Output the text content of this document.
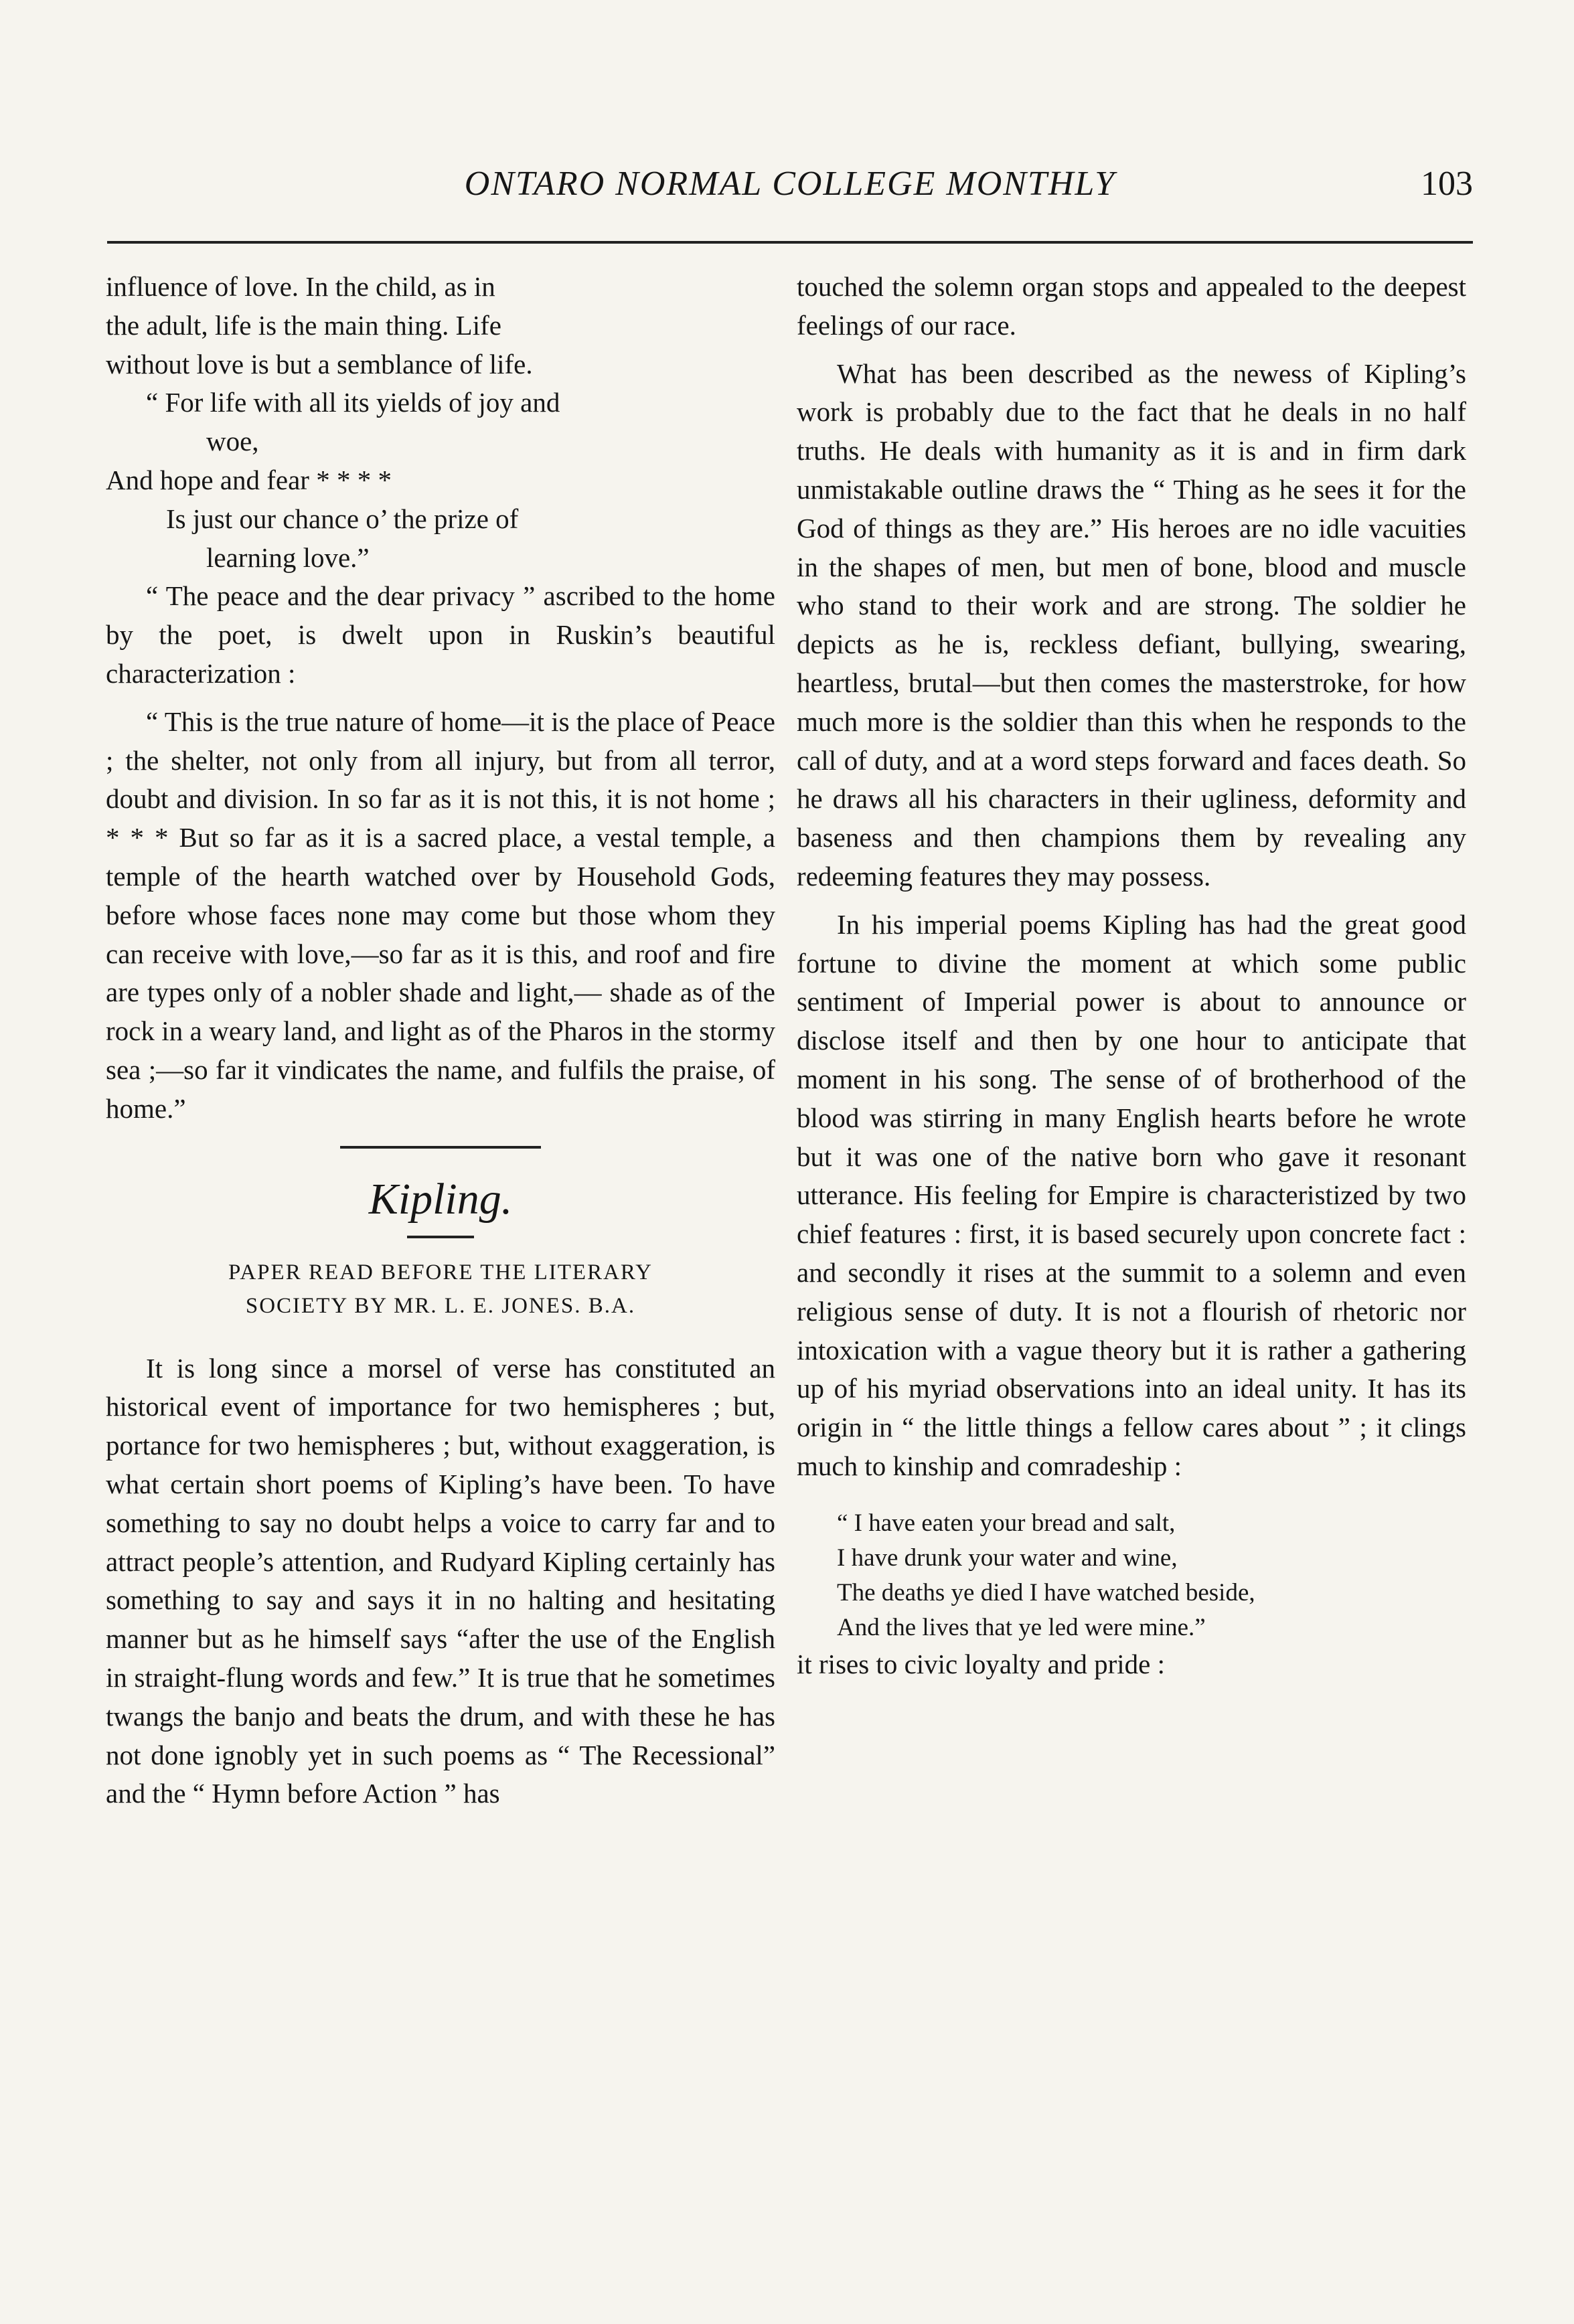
ONTARO NORMAL COLLEGE MONTHLY	103

influence of love. In the child, as in

the adult, life is the main thing. Life

without love is but a semblance of life.

“ For life with all its yields of joy and

woe,

And hope and fear * * * *

Is just our chance o’ the prize of

learning love.”

“ The peace and the dear privacy ” ascribed to the home by the poet, is dwelt upon in Ruskin’s beautiful characterization :

“ This is the true nature of home—it is the place of Peace ; the shelter, not only from all injury, but from all terror, doubt and division. In so far as it is not this, it is not home ; * * * But so far as it is a sacred place, a vestal temple, a temple of the hearth watched over by Household Gods, before whose faces none may come but those whom they can receive with love,—so far as it is this, and roof and fire are types only of a nobler shade and light,— shade as of the rock in a weary land, and light as of the Pharos in the stormy sea ;—so far it vindicates the name, and fulfils the praise, of home.”

Kipling.
PAPER READ BEFORE THE LITERARY
SOCIETY BY MR. L. E. JONES. B.A.

It is long since a morsel of verse has constituted an historical event of importance for two hemispheres ; but, portance for two hemispheres ; but, without exaggeration, is what certain short poems of Kipling’s have been. To have something to say no doubt helps a voice to carry far and to attract people’s attention, and Rudyard Kipling certainly has something to say and says it in no halting and hesitating manner but as he himself says “after the use of the English in straight-flung words and few.” It is true that he sometimes twangs the banjo and beats the drum, and with these he has not done ignobly yet in such poems as “ The Recessional” and the “ Hymn before Action ” has

touched the solemn organ stops and appealed to the deepest feelings of our race.

What has been described as the newess of Kipling’s work is probably due to the fact that he deals in no half truths. He deals with humanity as it is and in firm dark unmistakable outline draws the “ Thing as he sees it for the God of things as they are.” His heroes are no idle vacuities in the shapes of men, but men of bone, blood and muscle who stand to their work and are strong. The soldier he depicts as he is, reckless defiant, bullying, swearing, heartless, brutal—but then comes the masterstroke, for how much more is the soldier than this when he responds to the call of duty, and at a word steps forward and faces death. So he draws all his characters in their ugliness, deformity and baseness and then champions them by revealing any redeeming features they may possess.

In his imperial poems Kipling has had the great good fortune to divine the moment at which some public sentiment of Imperial power is about to announce or disclose itself and then by one hour to anticipate that moment in his song. The sense of of brotherhood of the blood was stirring in many English hearts before he wrote but it was one of the native born who gave it resonant utterance. His feeling for Empire is characteristized by two chief features : first, it is based securely upon concrete fact : and secondly it rises at the summit to a solemn and even religious sense of duty. It is not a flourish of rhetoric nor intoxication with a vague theory but it is rather a gathering up of his myriad observations into an ideal unity. It has its origin in “ the little things a fellow cares about ” ; it clings much to kinship and comradeship :

“ I have eaten your bread and salt,

I have drunk your water and wine,

The deaths ye died I have watched beside,

And the lives that ye led were mine.”

it rises to civic loyalty and pride :
